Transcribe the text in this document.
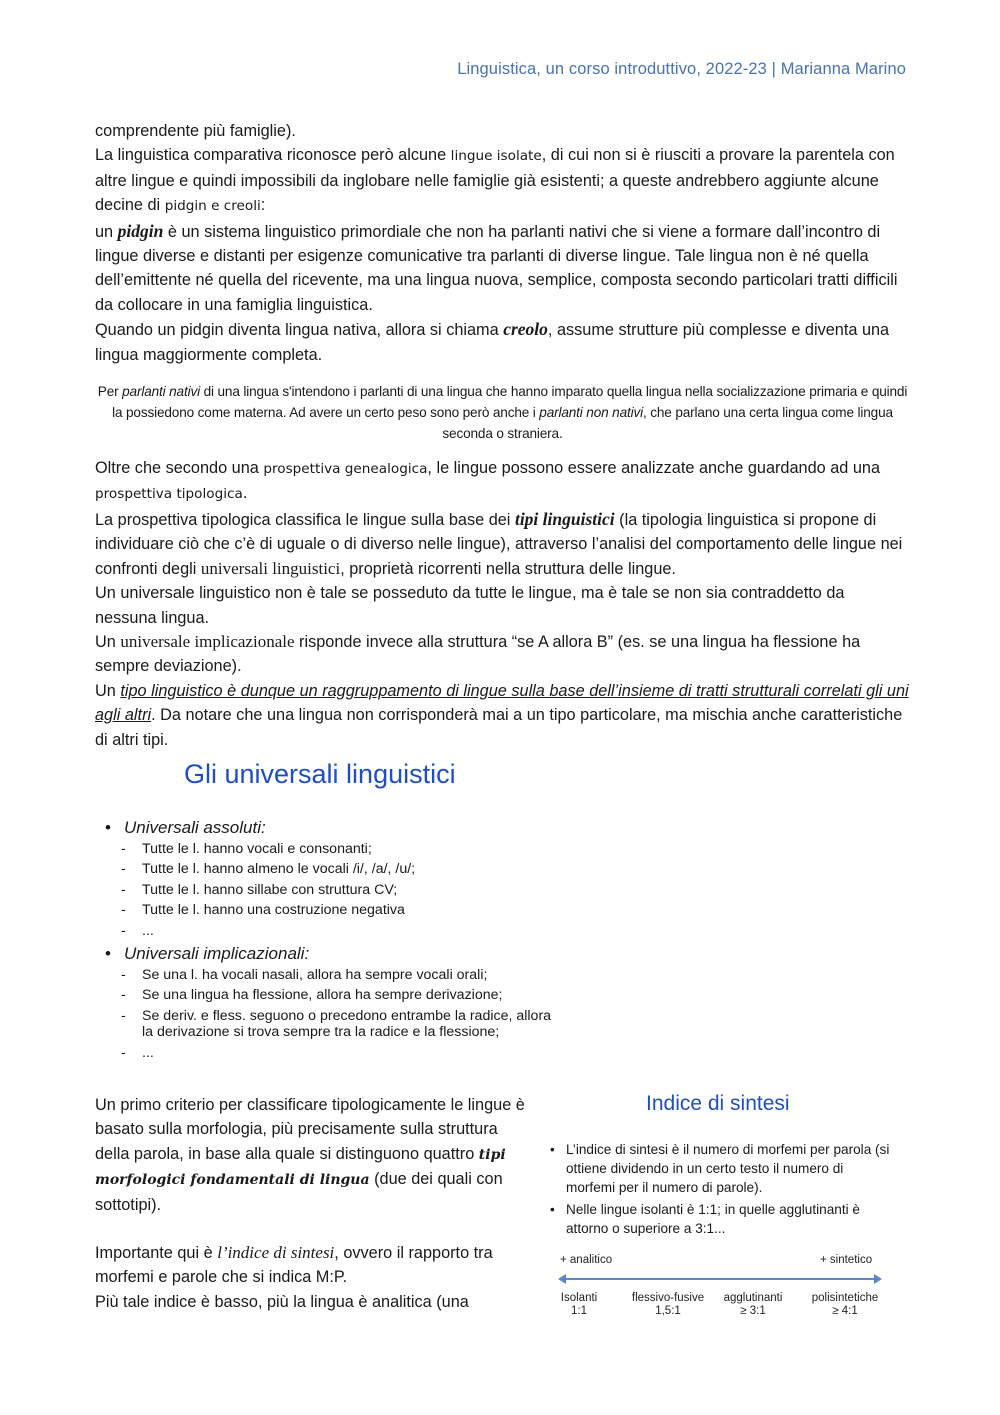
Linguistica, un corso introduttivo, 2022-23 | Marianna Marino

comprendente più famiglie).

La linguistica comparativa riconosce però alcune lingue isolate, di cui non si è riusciti a provare la parentela con altre lingue e quindi impossibili da inglobare nelle famiglie già esistenti; a queste andrebbero aggiunte alcune decine di pidgin e creoli:

un pidgin è un sistema linguistico primordiale che non ha parlanti nativi che si viene a formare dall’incontro di lingue diverse e distanti per esigenze comunicative tra parlanti di diverse lingue. Tale lingua non è né quella dell’emittente né quella del ricevente, ma una lingua nuova, semplice, composta secondo particolari tratti difficili da collocare in una famiglia linguistica.

Quando un pidgin diventa lingua nativa, allora si chiama creolo, assume strutture più complesse e diventa una lingua maggiormente completa.

Per parlanti nativi di una lingua s'intendono i parlanti di una lingua che hanno imparato quella lingua nella socializzazione primaria e quindi la possiedono come materna. Ad avere un certo peso sono però anche i parlanti non nativi, che parlano una certa lingua come lingua seconda o straniera.

Oltre che secondo una prospettiva genealogica, le lingue possono essere analizzate anche guardando ad una prospettiva tipologica.

La prospettiva tipologica classifica le lingue sulla base dei tipi linguistici (la tipologia linguistica si propone di individuare ciò che c’è di uguale o di diverso nelle lingue), attraverso l’analisi del comportamento delle lingue nei confronti degli universali linguistici, proprietà ricorrenti nella struttura delle lingue.

Un universale linguistico non è tale se posseduto da tutte le lingue, ma è tale se non sia contraddetto da nessuna lingua.

Un universale implicazionale risponde invece alla struttura “se A allora B” (es. se una lingua ha flessione ha sempre deviazione).

Un tipo linguistico è dunque un raggruppamento di lingue sulla base dell’insieme di tratti strutturali correlati gli uni agli altri. Da notare che una lingua non corrisponderà mai a un tipo particolare, ma mischia anche caratteristiche di altri tipi.

Gli universali linguistici
• Universali assoluti:
-	Tutte le l. hanno vocali e consonanti;
-	Tutte le l. hanno almeno le vocali /i/, /a/, /u/;
-	Tutte le l. hanno sillabe con struttura CV;
-	Tutte le l. hanno una costruzione negativa
-	...
• Universali implicazionali:
-	Se una l. ha vocali nasali, allora ha sempre vocali orali;
-	Se una lingua ha flessione, allora ha sempre derivazione;
-	Se deriv. e fless. seguono o precedono entrambe la radice, allora la derivazione si trova sempre tra la radice e la flessione;
-	...

Un primo criterio per classificare tipologicamente le lingue è basato sulla morfologia, più precisamente sulla struttura della parola, in base alla quale si distinguono quattro tipi morfologici fondamentali di lingua (due dei quali con sottotipi).

Importante qui è l’indice di sintesi, ovvero il rapporto tra morfemi e parole che si indica M:P.

Più tale indice è basso, più la lingua è analitica (una

Indice di sintesi
• L’indice di sintesi è il numero di morfemi per parola (si ottiene dividendo in un certo testo il numero di morfemi per il numero di parole).
• Nelle lingue isolanti è 1:1; in quelle agglutinanti è attorno o superiore a 3:1...
+ analitico	+ sintetico
Isolanti
1:1
flessivo-fusive
1,5:1
agglutinanti
≥ 3:1
polisintetiche
≥ 4:1
